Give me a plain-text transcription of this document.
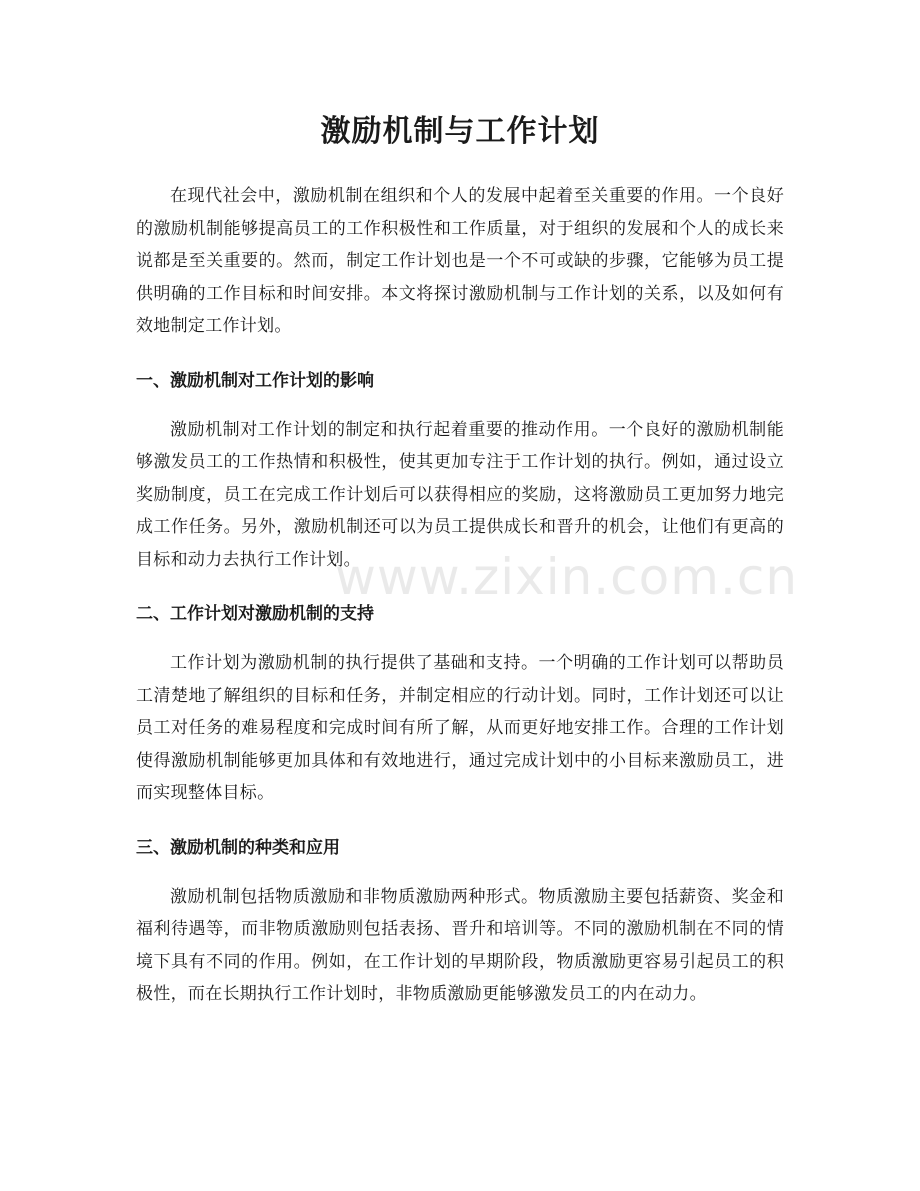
激励机制与工作计划

在现代社会中，激励机制在组织和个人的发展中起着至关重要的作用。一个良好的激励机制能够提高员工的工作积极性和工作质量，对于组织的发展和个人的成长来说都是至关重要的。然而，制定工作计划也是一个不可或缺的步骤，它能够为员工提供明确的工作目标和时间安排。本文将探讨激励机制与工作计划的关系，以及如何有效地制定工作计划。

一、激励机制对工作计划的影响

激励机制对工作计划的制定和执行起着重要的推动作用。一个良好的激励机制能够激发员工的工作热情和积极性，使其更加专注于工作计划的执行。例如，通过设立奖励制度，员工在完成工作计划后可以获得相应的奖励，这将激励员工更加努力地完成工作任务。另外，激励机制还可以为员工提供成长和晋升的机会，让他们有更高的目标和动力去执行工作计划。

二、工作计划对激励机制的支持

工作计划为激励机制的执行提供了基础和支持。一个明确的工作计划可以帮助员工清楚地了解组织的目标和任务，并制定相应的行动计划。同时，工作计划还可以让员工对任务的难易程度和完成时间有所了解，从而更好地安排工作。合理的工作计划使得激励机制能够更加具体和有效地进行，通过完成计划中的小目标来激励员工，进而实现整体目标。

三、激励机制的种类和应用

激励机制包括物质激励和非物质激励两种形式。物质激励主要包括薪资、奖金和福利待遇等，而非物质激励则包括表扬、晋升和培训等。不同的激励机制在不同的情境下具有不同的作用。例如，在工作计划的早期阶段，物质激励更容易引起员工的积极性，而在长期执行工作计划时，非物质激励更能够激发员工的内在动力。

www.zixin.com.cn
